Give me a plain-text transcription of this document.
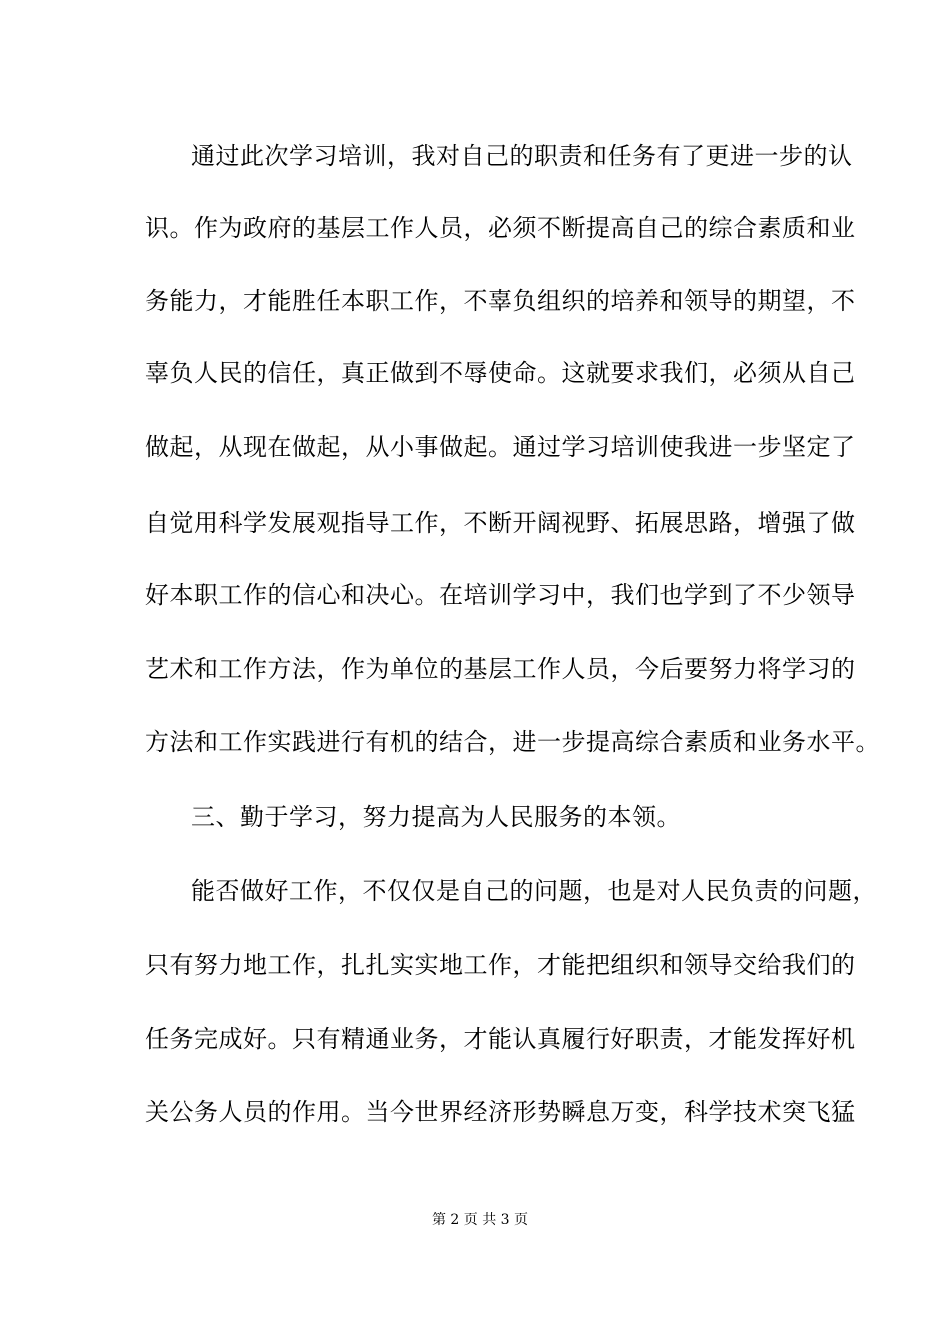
通过此次学习培训，我对自己的职责和任务有了更进一步的认
识。作为政府的基层工作人员，必须不断提高自己的综合素质和业
务能力，才能胜任本职工作，不辜负组织的培养和领导的期望，不
辜负人民的信任，真正做到不辱使命。这就要求我们，必须从自己
做起，从现在做起，从小事做起。通过学习培训使我进一步坚定了
自觉用科学发展观指导工作，不断开阔视野、拓展思路，增强了做
好本职工作的信心和决心。在培训学习中，我们也学到了不少领导
艺术和工作方法，作为单位的基层工作人员，今后要努力将学习的
方法和工作实践进行有机的结合，进一步提高综合素质和业务水平。
三、勤于学习，努力提高为人民服务的本领。
能否做好工作，不仅仅是自己的问题，也是对人民负责的问题，
只有努力地工作，扎扎实实地工作，才能把组织和领导交给我们的
任务完成好。只有精通业务，才能认真履行好职责，才能发挥好机
关公务人员的作用。当今世界经济形势瞬息万变，科学技术突飞猛
第 2 页 共 3 页
